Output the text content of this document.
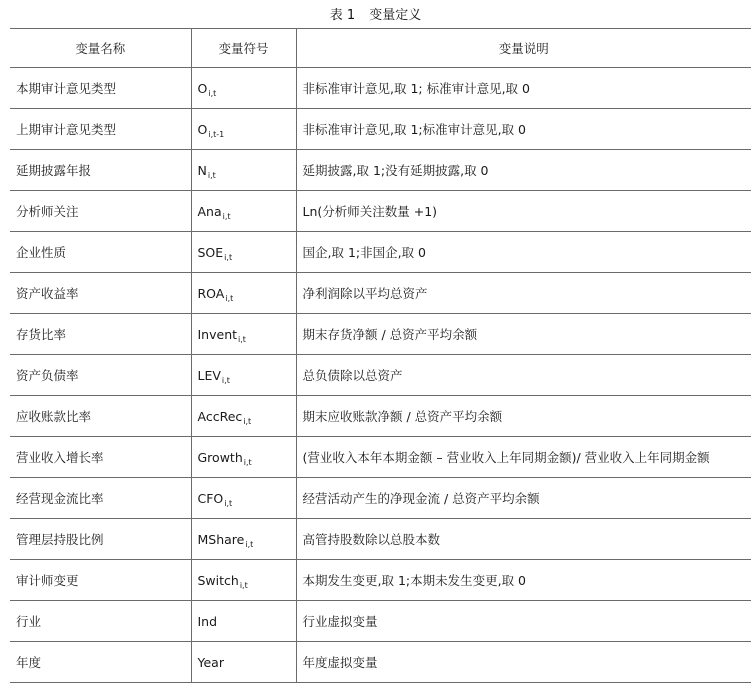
表 1 变量定义
变量名称	变量符号	变量说明
本期审计意见类型	$O_{i,t}$	非标准审计意见,取 1; 标准审计意见,取 0
上期审计意见类型	$O_{i,t-1}$	非标准审计意见,取 1;标准审计意见,取 0
延期披露年报	$N_{i,t}$	延期披露,取 1;没有延期披露,取 0
分析师关注	Ana$_{i,t}$	Ln(分析师关注数量 +1)
企业性质	$SOE_{i,t}$	国企,取 1;非国企,取 0
资产收益率	$ROA_{i,t}$	净利润除以平均总资产
存货比率	Invent$_{i,t}$	期末存货净额 / 总资产平均余额
资产负债率	$LEV_{i,t}$	总负债除以总资产
应收账款比率	AccRec$_{i,t}$	期末应收账款净额 / 总资产平均余额
营业收入增长率	Growth$_{i,t}$	(营业收入本年本期金额 – 营业收入上年同期金额)/ 营业收入上年同期金额
经营现金流比率	$CFO_{i,t}$	经营活动产生的净现金流 / 总资产平均余额
管理层持股比例	MShare$_{i,t}$	高管持股数除以总股本数
审计师变更	Switch$_{i,t}$	本期发生变更,取 1;本期未发生变更,取 0
行业	Ind	行业虚拟变量
年度	Year	年度虚拟变量
